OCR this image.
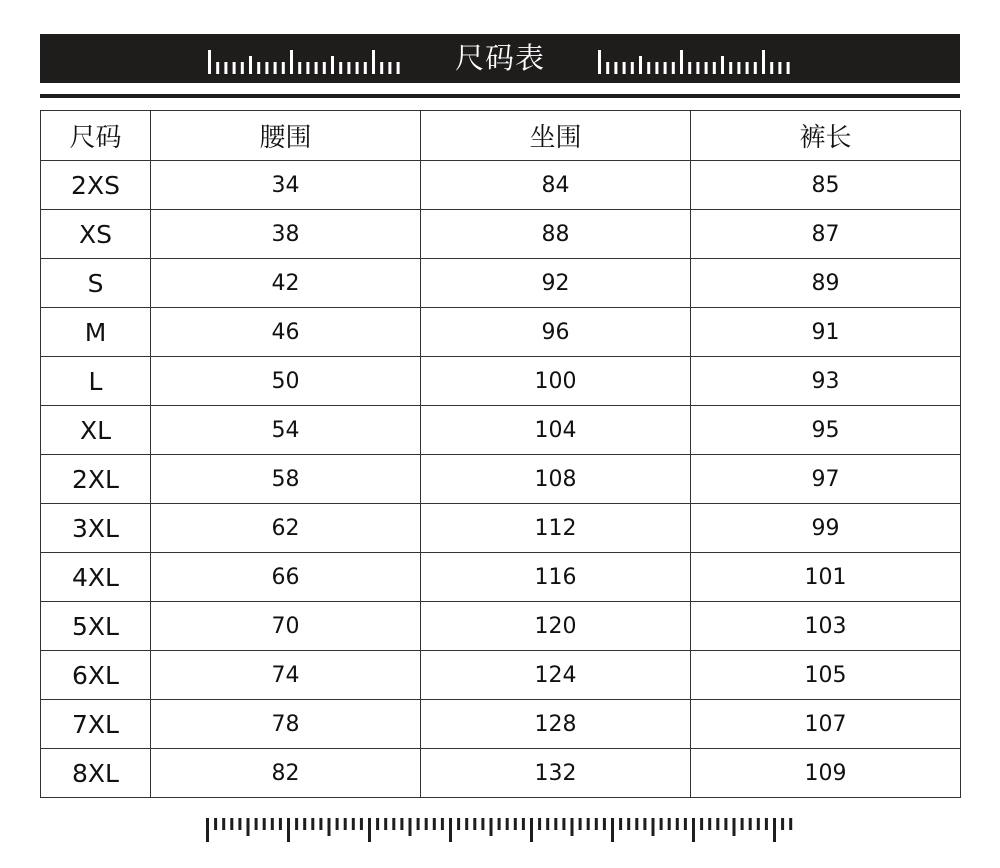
尺码表
尺码	腰围	坐围	裤长
2XS	34	84	85
XS	38	88	87
S	42	92	89
M	46	96	91
L	50	100	93
XL	54	104	95
2XL	58	108	97
3XL	62	112	99
4XL	66	116	101
5XL	70	120	103
6XL	74	124	105
7XL	78	128	107
8XL	82	132	109
